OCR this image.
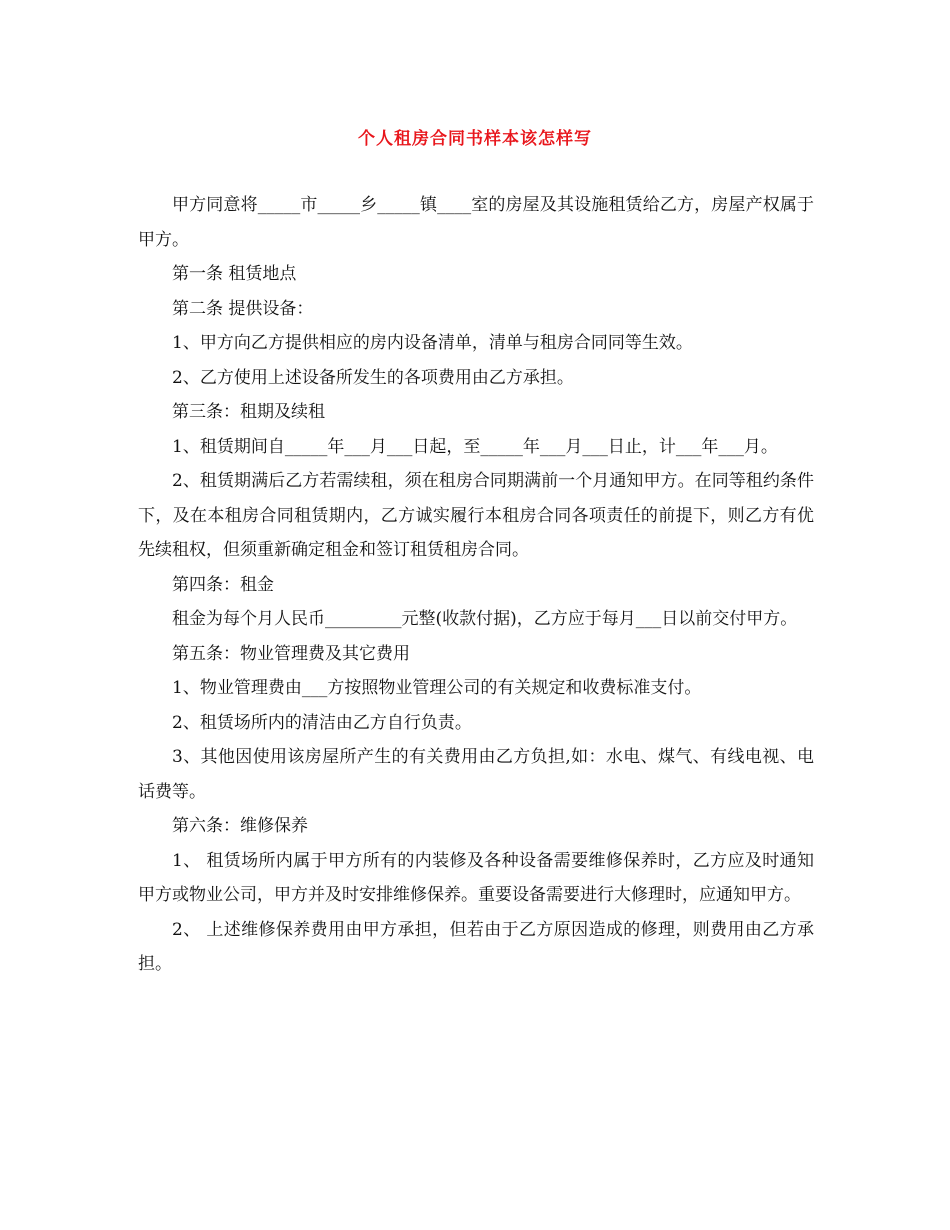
个人租房合同书样本该怎样写

甲方同意将_____市_____乡_____镇____室的房屋及其设施租赁给乙方，房屋产权属于甲方。

第一条 租赁地点

第二条 提供设备：

1、甲方向乙方提供相应的房内设备清单，清单与租房合同同等生效。

2、乙方使用上述设备所发生的各项费用由乙方承担。

第三条：租期及续租

1、租赁期间自_____年___月___日起，至_____年___月___日止，计___年___月。

2、租赁期满后乙方若需续租，须在租房合同期满前一个月通知甲方。在同等租约条件下，及在本租房合同租赁期内，乙方诚实履行本租房合同各项责任的前提下，则乙方有优先续租权，但须重新确定租金和签订租赁租房合同。

第四条：租金

租金为每个月人民币_________元整(收款付据)，乙方应于每月___日以前交付甲方。

第五条：物业管理费及其它费用

1、物业管理费由___方按照物业管理公司的有关规定和收费标准支付。

2、租赁场所内的清洁由乙方自行负责。

3、其他因使用该房屋所产生的有关费用由乙方负担,如：水电、煤气、有线电视、电话费等。

第六条：维修保养

1、 租赁场所内属于甲方所有的内装修及各种设备需要维修保养时，乙方应及时通知甲方或物业公司，甲方并及时安排维修保养。重要设备需要进行大修理时，应通知甲方。

2、 上述维修保养费用由甲方承担，但若由于乙方原因造成的修理，则费用由乙方承担。
